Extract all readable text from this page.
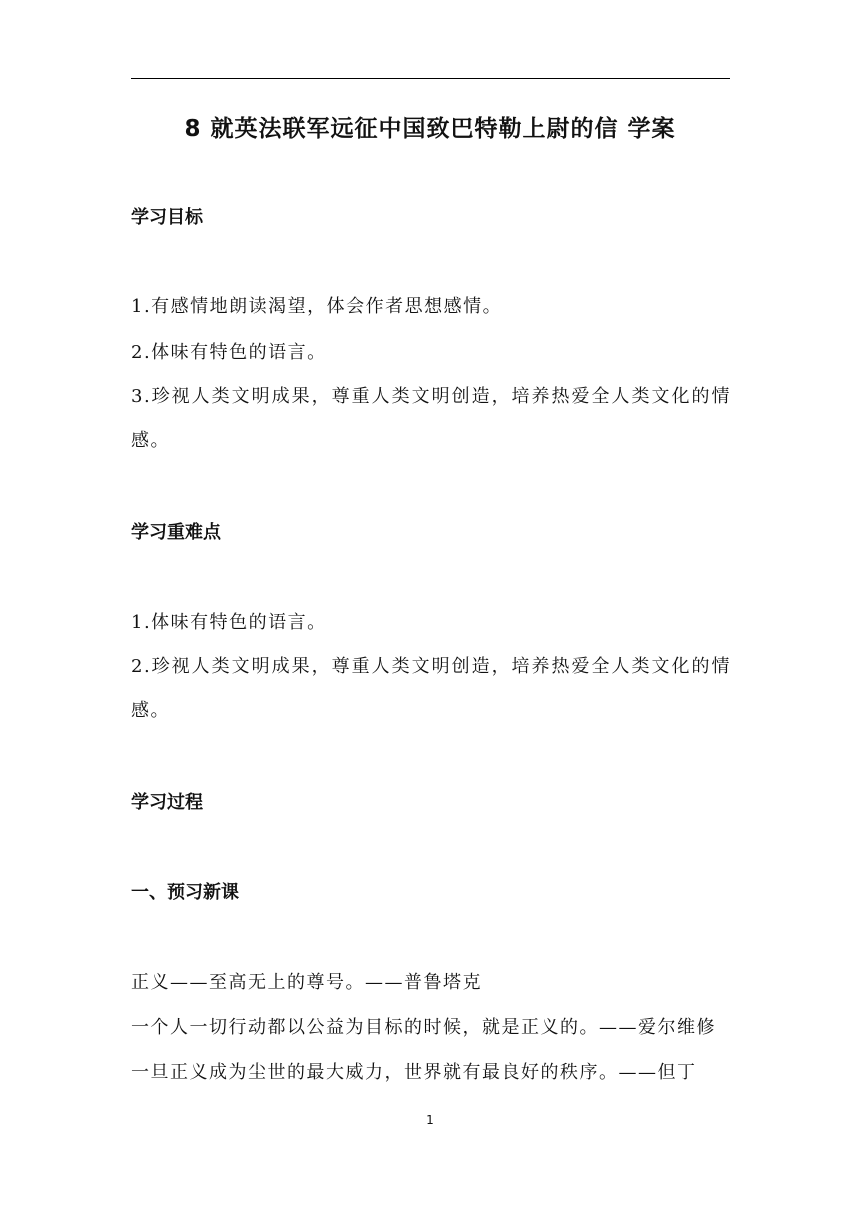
8 就英法联军远征中国致巴特勒上尉的信 学案
学习目标
1.有感情地朗读渴望，体会作者思想感情。
2.体味有特色的语言。
3.珍视人类文明成果，尊重人类文明创造，培养热爱全人类文化的情感。
学习重难点
1.体味有特色的语言。
2.珍视人类文明成果，尊重人类文明创造，培养热爱全人类文化的情感。
学习过程
一、预习新课
正义——至高无上的尊号。——普鲁塔克
一个人一切行动都以公益为目标的时候，就是正义的。——爱尔维修
一旦正义成为尘世的最大威力，世界就有最良好的秩序。——但丁
1
